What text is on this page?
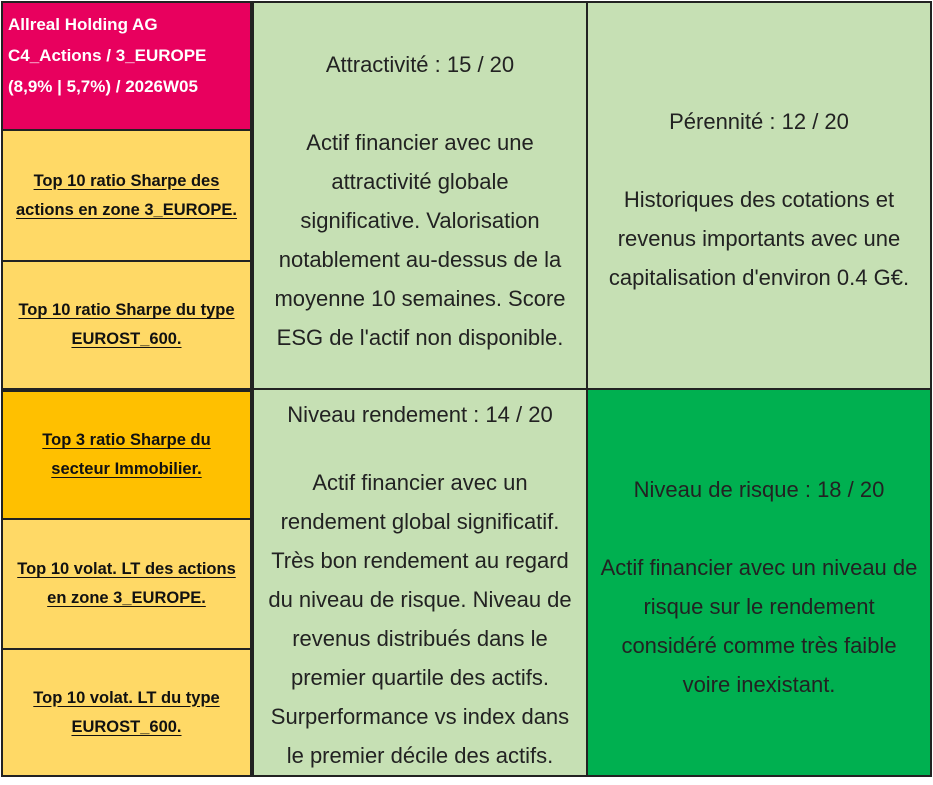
Allreal Holding AG
C4_Actions / 3_EUROPE
(8,9% | 5,7%) / 2026W05
Top 10 ratio Sharpe des
actions en zone 3_EUROPE.
Top 10 ratio Sharpe du type
EUROST_600.
Top 3 ratio Sharpe du
secteur Immobilier.
Top 10 volat. LT des actions
en zone 3_EUROPE.
Top 10 volat. LT du type
EUROST_600.
Attractivité : 15 / 20
Actif financier avec une
attractivité globale
significative. Valorisation
notablement au-dessus de la
moyenne 10 semaines. Score
ESG de l'actif non disponible.
Pérennité : 12 / 20
Historiques des cotations et
revenus importants avec une
capitalisation d'environ 0.4 G€.
Niveau rendement : 14 / 20
Actif financier avec un
rendement global significatif.
Très bon rendement au regard
du niveau de risque. Niveau de
revenus distribués dans le
premier quartile des actifs.
Surperformance vs index dans
le premier décile des actifs.
Niveau de risque : 18 / 20
Actif financier avec un niveau de
risque sur le rendement
considéré comme très faible
voire inexistant.
